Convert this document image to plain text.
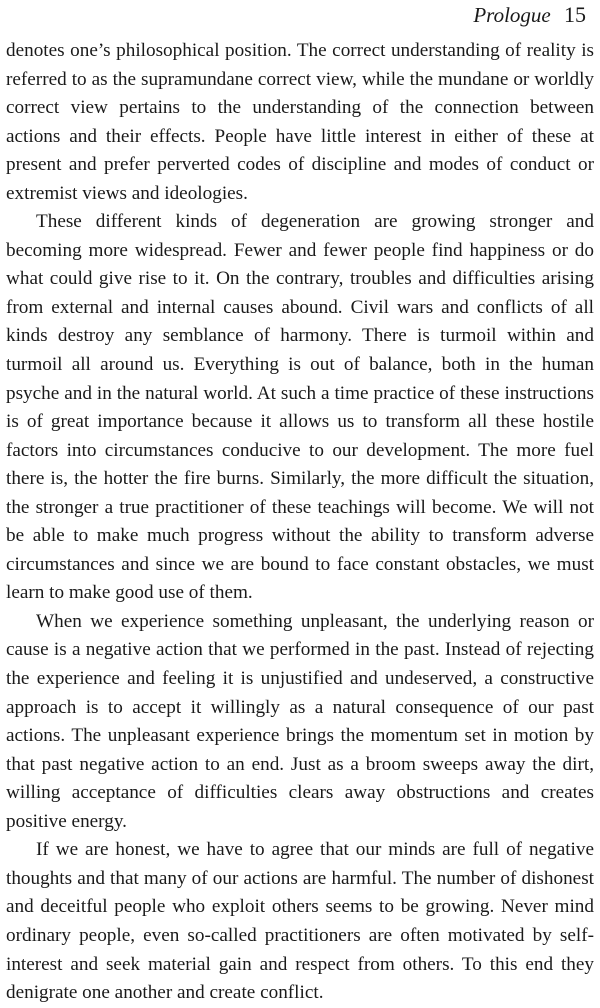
Prologue 15

denotes one’s philosophical position. The correct understanding of reality is referred to as the supramundane correct view, while the mundane or worldly correct view pertains to the understanding of the connection between actions and their effects. People have little interest in either of these at present and prefer perverted codes of discipline and modes of conduct or extremist views and ideologies.

These different kinds of degeneration are growing stronger and becoming more widespread. Fewer and fewer people find happiness or do what could give rise to it. On the contrary, troubles and difficulties arising from external and internal causes abound. Civil wars and conflicts of all kinds destroy any semblance of harmony. There is turmoil within and turmoil all around us. Everything is out of balance, both in the human psyche and in the natural world. At such a time practice of these instructions is of great importance because it allows us to transform all these hostile factors into circumstances conducive to our development. The more fuel there is, the hotter the fire burns. Similarly, the more difficult the situation, the stronger a true practitioner of these teachings will become. We will not be able to make much progress without the ability to transform adverse circumstances and since we are bound to face constant obstacles, we must learn to make good use of them.

When we experience something unpleasant, the underlying reason or cause is a negative action that we performed in the past. Instead of rejecting the experience and feeling it is unjustified and undeserved, a constructive approach is to accept it willingly as a natural consequence of our past actions. The unpleasant experience brings the momentum set in motion by that past negative action to an end. Just as a broom sweeps away the dirt, willing acceptance of difficulties clears away obstructions and creates positive energy.

If we are honest, we have to agree that our minds are full of negative thoughts and that many of our actions are harmful. The number of dishonest and deceitful people who exploit others seems to be growing. Never mind ordinary people, even so-called practitioners are often motivated by self-interest and seek material gain and respect from others. To this end they denigrate one another and create conflict.
